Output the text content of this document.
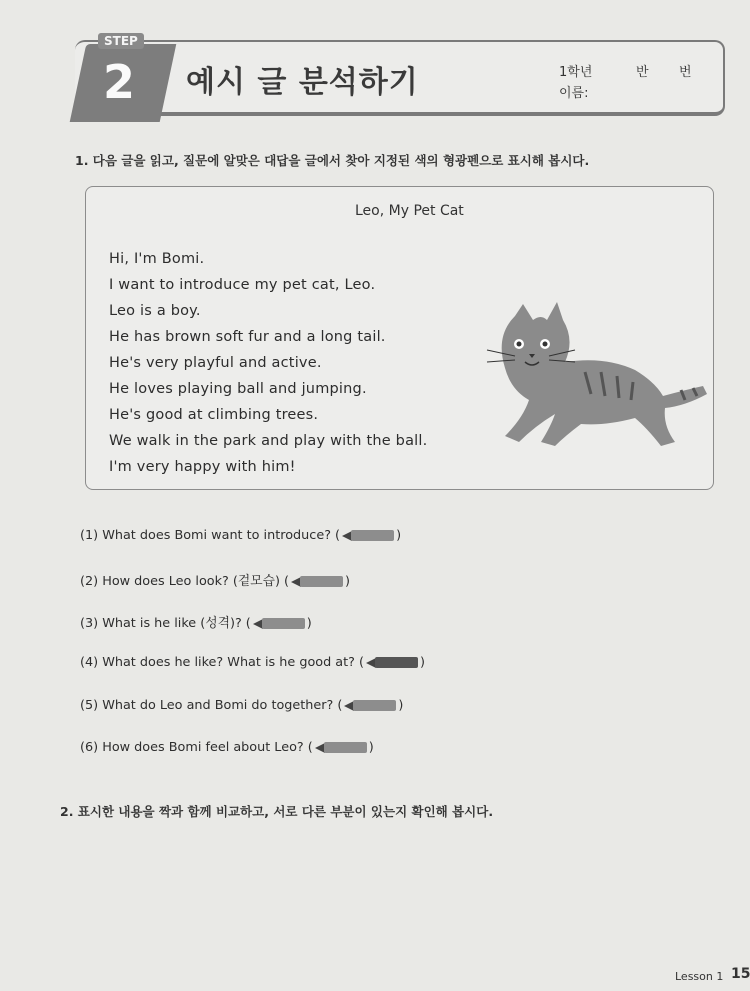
STEP
2 예시 글 분석하기	1학년	반 번
이름:
1. 다음 글을 읽고, 질문에 알맞은 대답을 글에서 찾아 지정된 색의 형광펜으로 표시해 봅시다.
Leo, My Pet Cat
Hi, I'm Bomi.
I want to introduce my pet cat, Leo.
Leo is a boy.
He has brown soft fur and a long tail.
He's very playful and active.
He loves playing ball and jumping.
He's good at climbing trees.
We walk in the park and play with the ball.
I'm very happy with him!
(1) What does Bomi want to introduce? (	)
(2) How does Leo look? (겉모습) (	)
(3) What is he like (성격)? (	)
(4) What does he like? What is he good at? (	)
(5) What do Leo and Bomi do together? (	)
(6) How does Bomi feel about Leo? (	)
2. 표시한 내용을 짝과 함께 비교하고, 서로 다른 부분이 있는지 확인해 봅시다.
Lesson 1 15
